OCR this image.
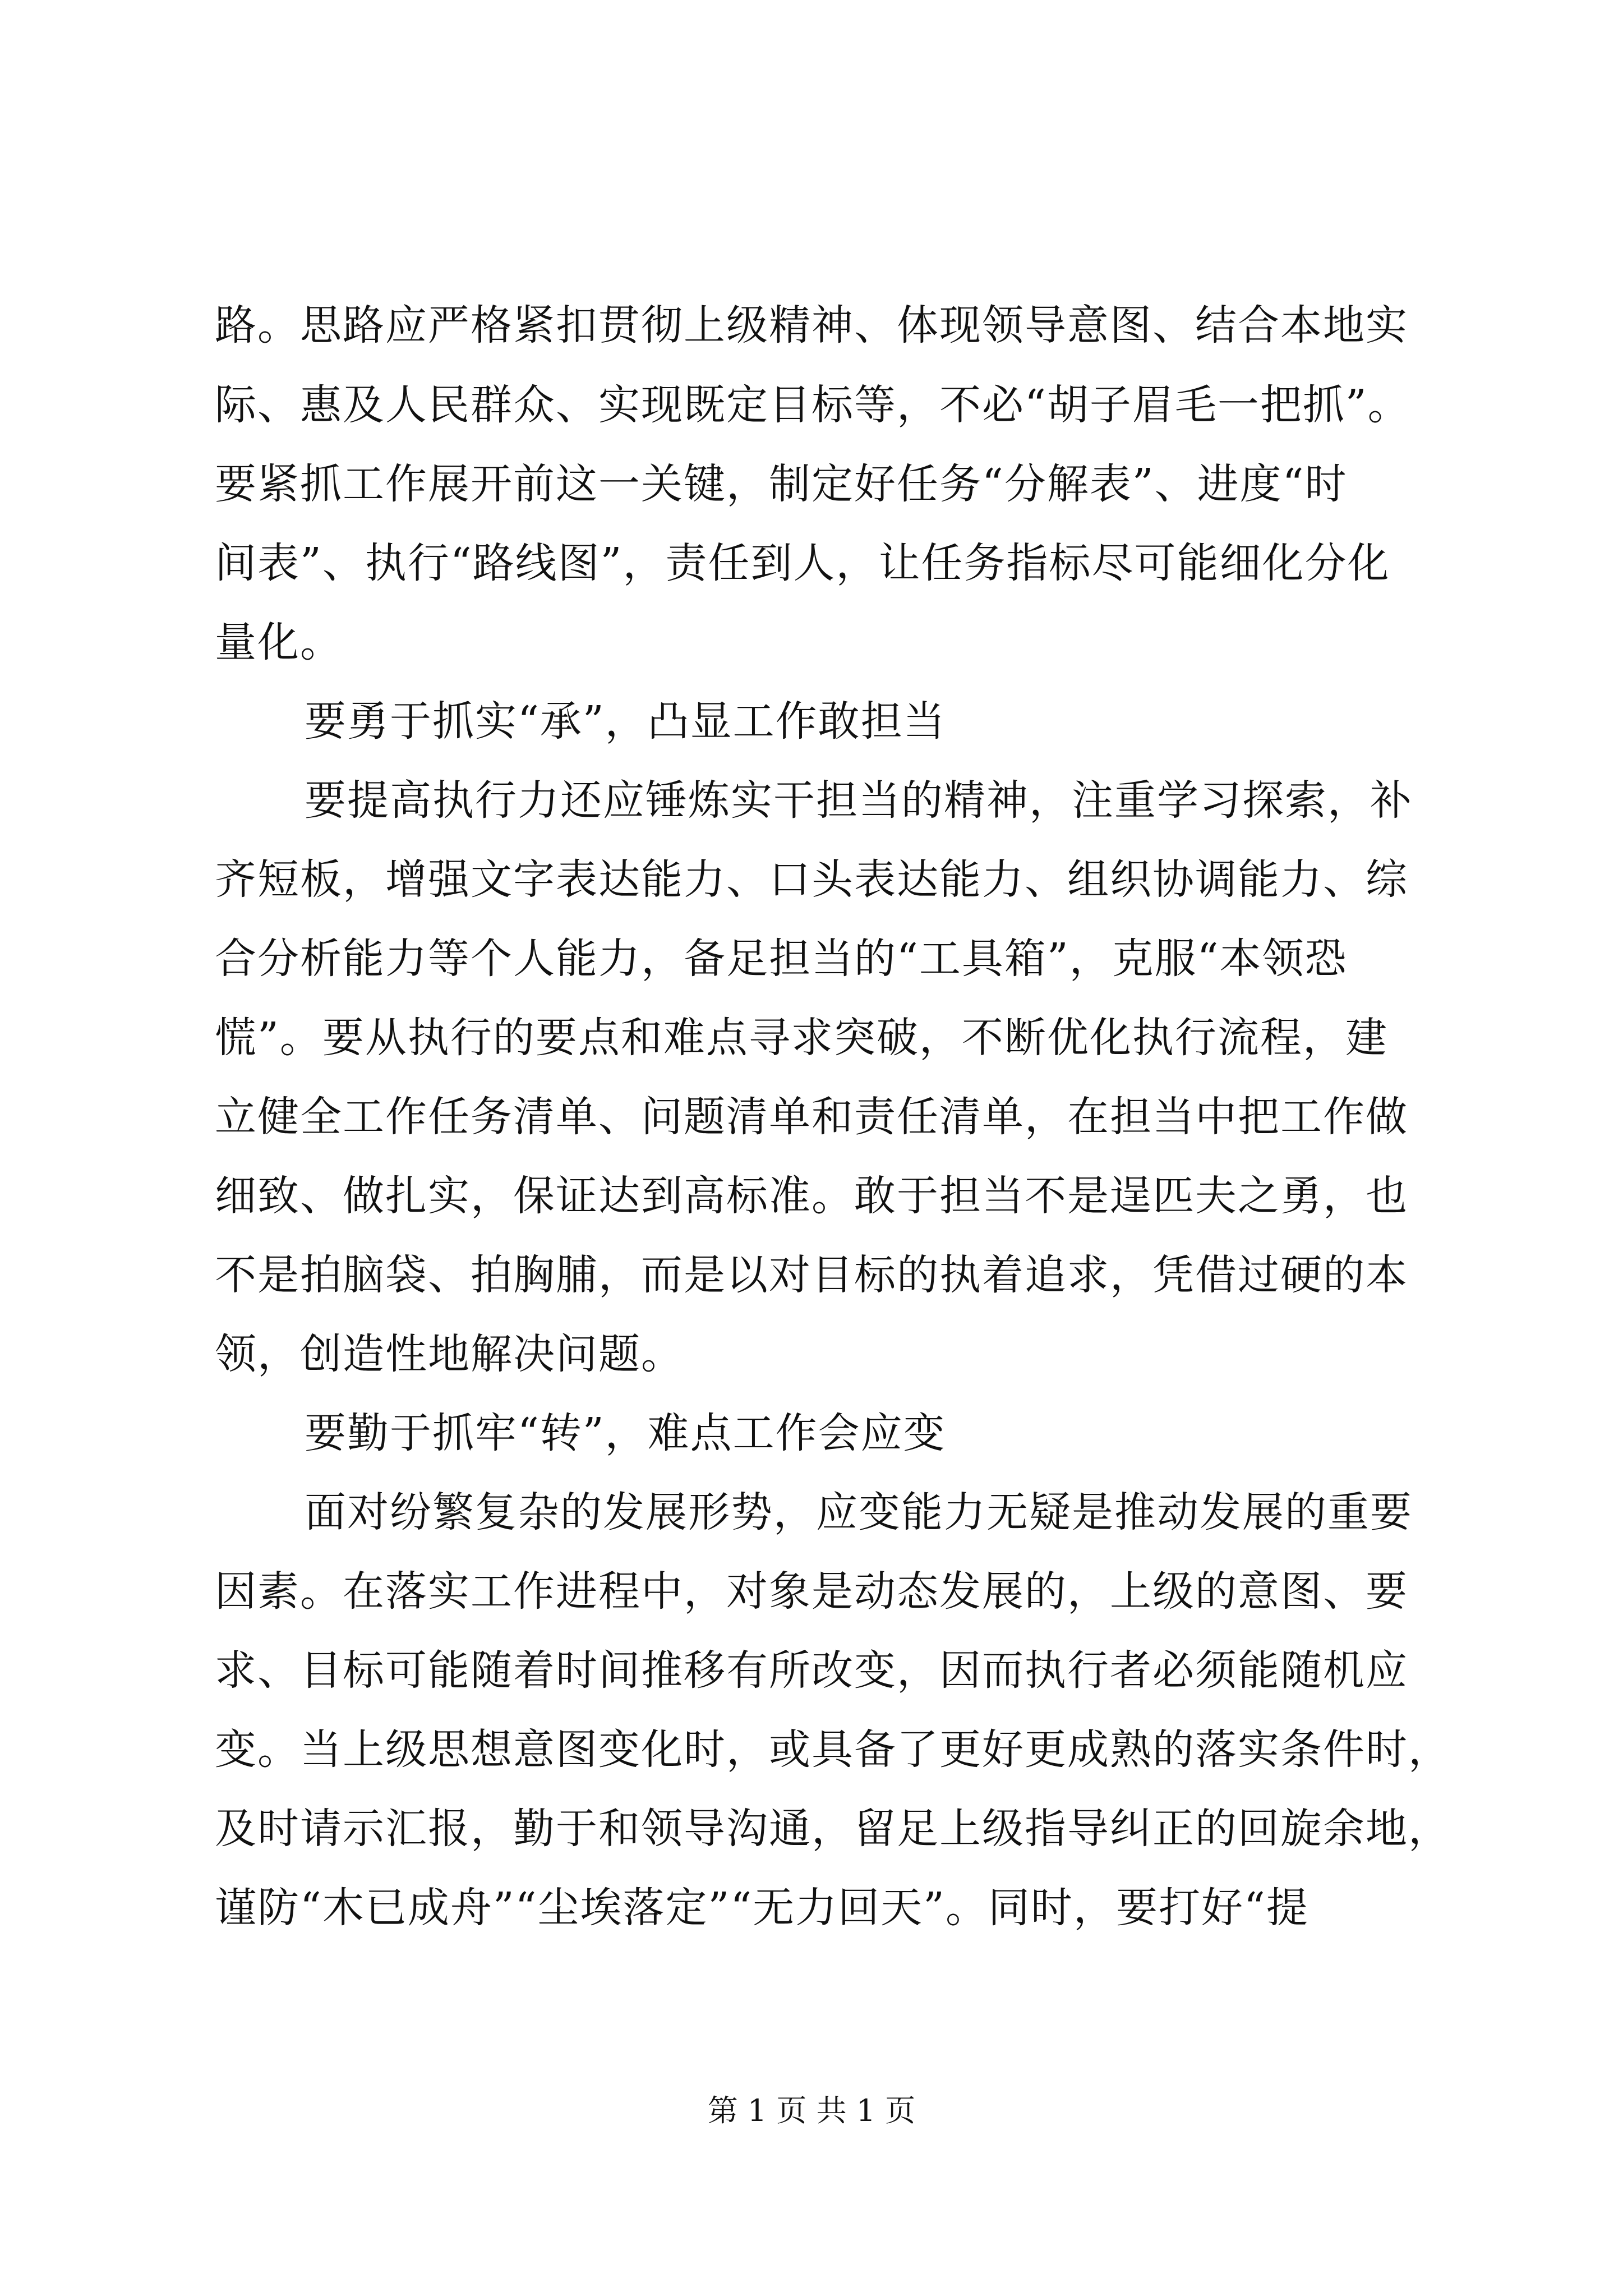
路。思路应严格紧扣贯彻上级精神、体现领导意图、结合本地实

际、惠及人民群众、实现既定目标等，不必“胡子眉毛一把抓”。

要紧抓工作展开前这一关键，制定好任务“分解表”、进度“时

间表”、执行“路线图”，责任到人，让任务指标尽可能细化分化

量化。

要勇于抓实“承”，凸显工作敢担当

要提高执行力还应锤炼实干担当的精神，注重学习探索，补

齐短板，增强文字表达能力、口头表达能力、组织协调能力、综

合分析能力等个人能力，备足担当的“工具箱”，克服“本领恐

慌”。要从执行的要点和难点寻求突破，不断优化执行流程，建

立健全工作任务清单、问题清单和责任清单，在担当中把工作做

细致、做扎实，保证达到高标准。敢于担当不是逞匹夫之勇，也

不是拍脑袋、拍胸脯，而是以对目标的执着追求，凭借过硬的本

领，创造性地解决问题。

要勤于抓牢“转”，难点工作会应变

面对纷繁复杂的发展形势，应变能力无疑是推动发展的重要

因素。在落实工作进程中，对象是动态发展的，上级的意图、要

求、目标可能随着时间推移有所改变，因而执行者必须能随机应

变。当上级思想意图变化时，或具备了更好更成熟的落实条件时，

及时请示汇报，勤于和领导沟通，留足上级指导纠正的回旋余地，

谨防“木已成舟”“尘埃落定”“无力回天”。同时，要打好“提

第 1 页 共 1 页
